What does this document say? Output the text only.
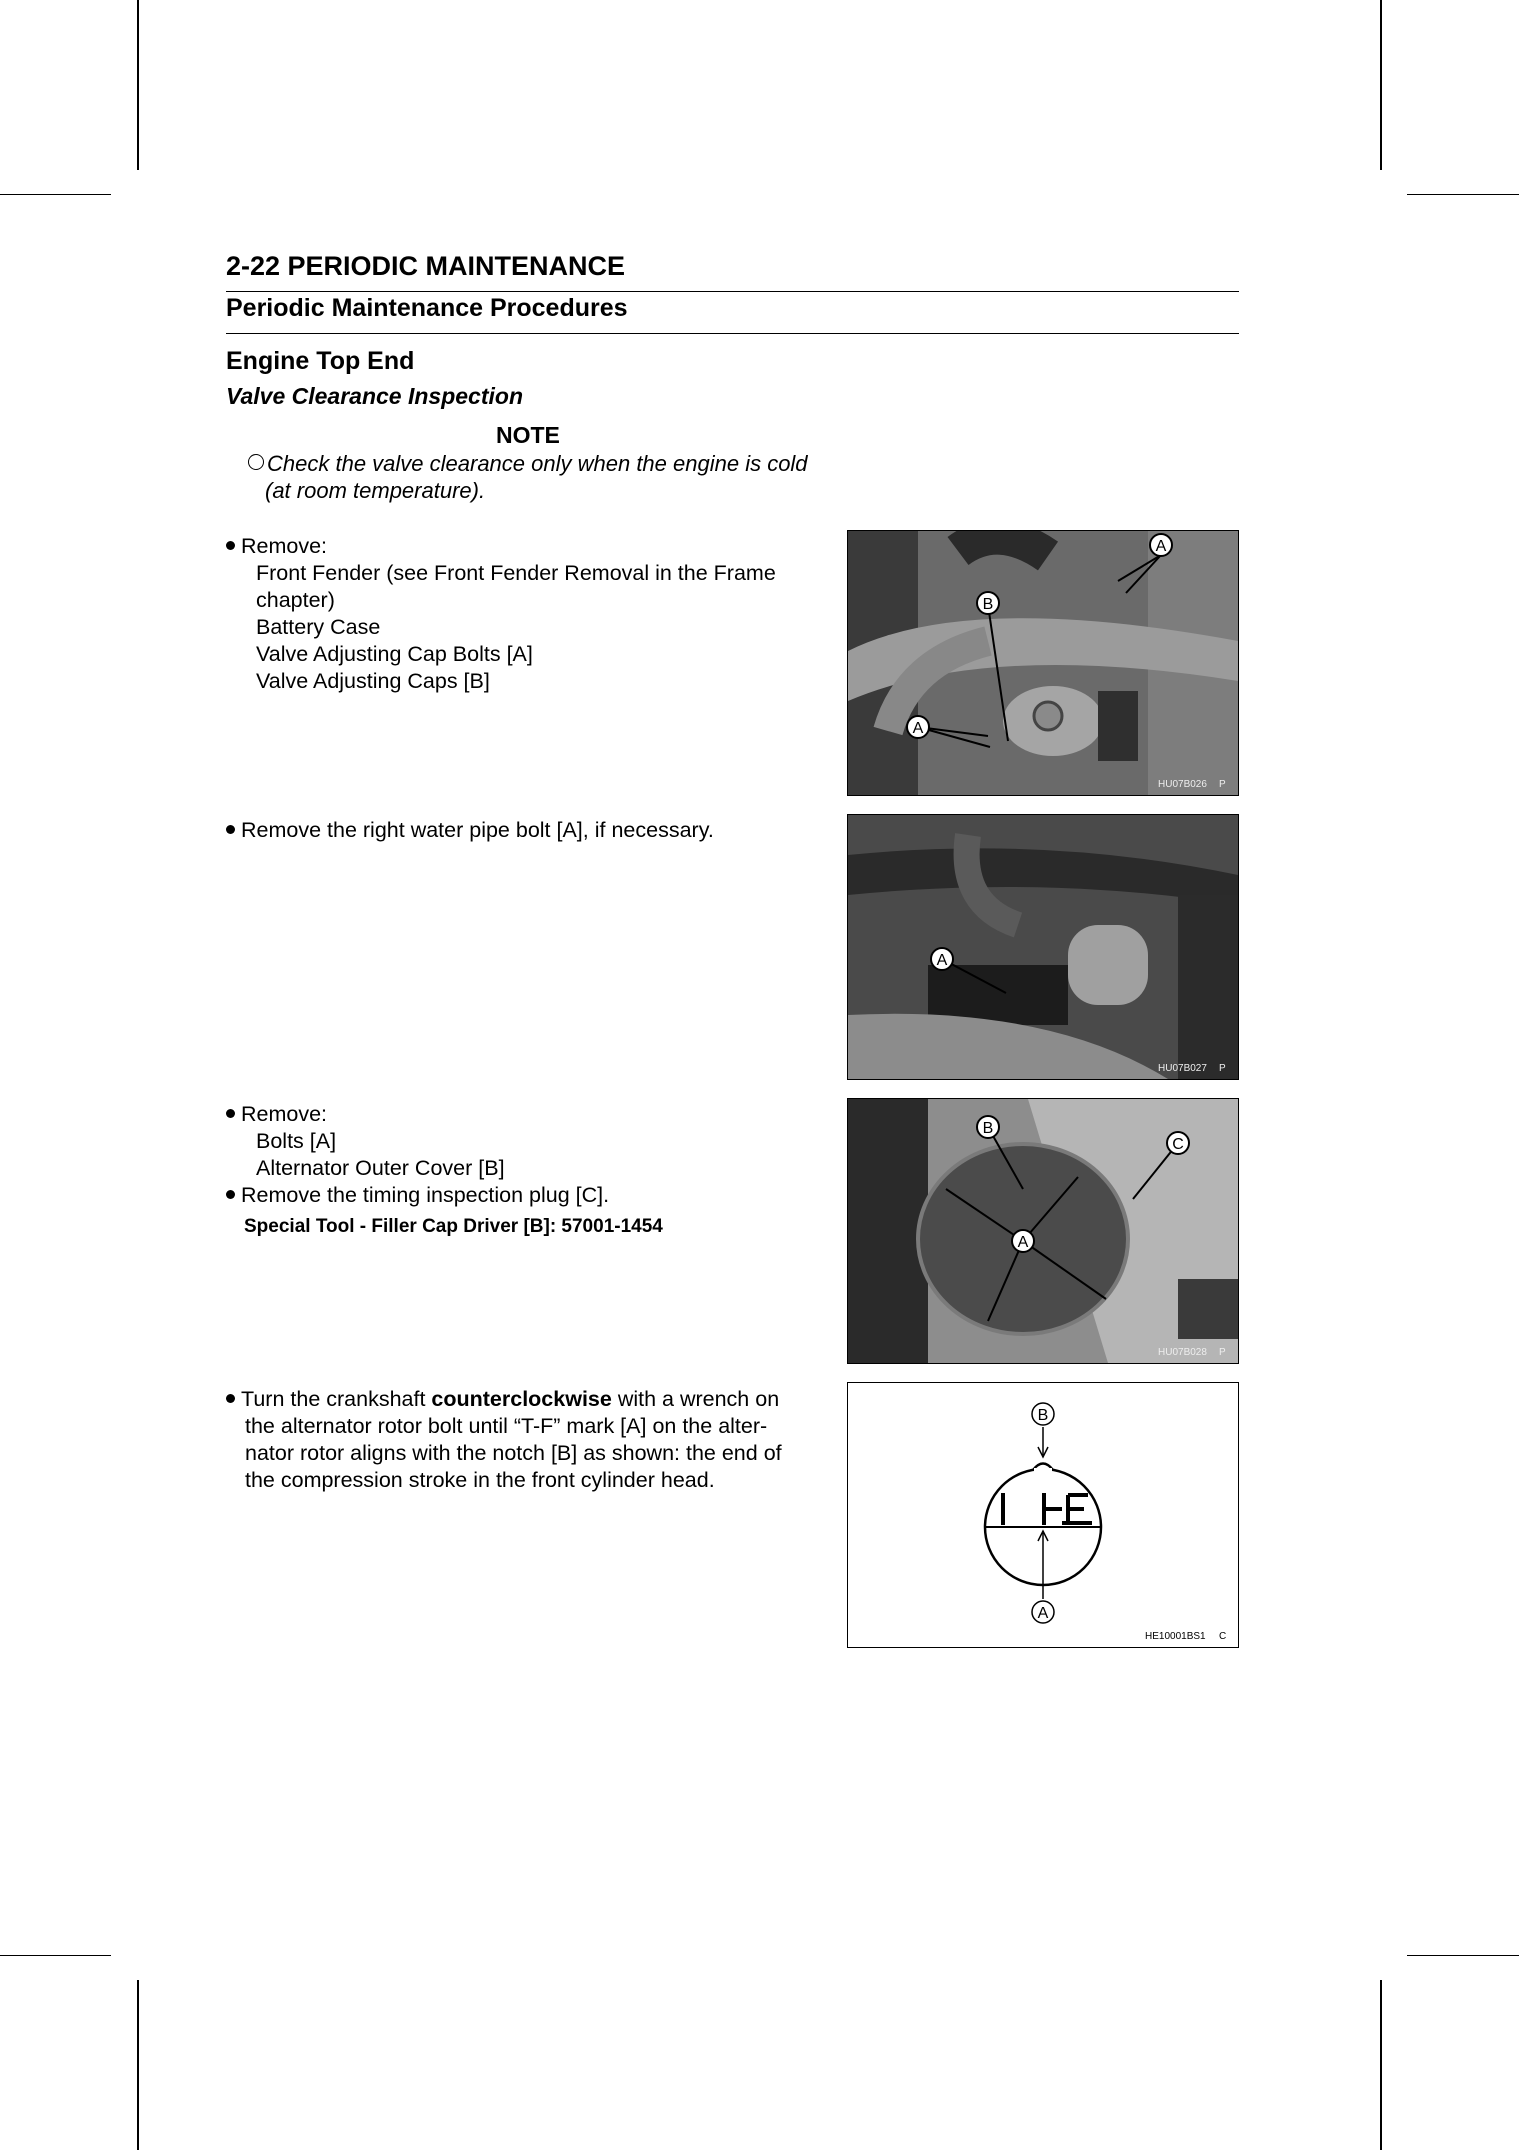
2-22 PERIODIC MAINTENANCE
Periodic Maintenance Procedures
Engine Top End
Valve Clearance Inspection
NOTE
Check the valve clearance only when the engine is cold
(at room temperature).
Remove:
Front Fender (see Front Fender Removal in the Frame
chapter)
Battery Case
Valve Adjusting Cap Bolts [A]
Valve Adjusting Caps [B]
Remove the right water pipe bolt [A], if necessary.
Remove:
Bolts [A]
Alternator Outer Cover [B]
Remove the timing inspection plug [C].
Special Tool - Filler Cap Driver [B]: 57001-1454
Turn the crankshaft counterclockwise with a wrench on
the alternator rotor bolt until “T-F” mark [A] on the alter-
nator rotor aligns with the notch [B] as shown: the end of
the compression stroke in the front cylinder head.
A
B
A
HU07B026 P
A
HU07B027 P
B
C
A
HU07B028 P
B
A
HE10001BS1 C
